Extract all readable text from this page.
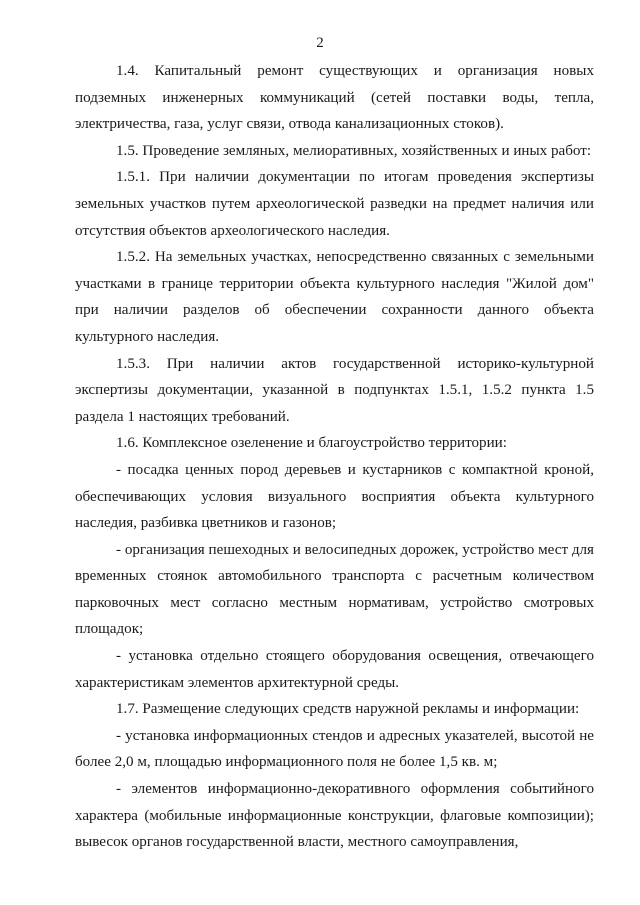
2

1.4. Капитальный ремонт существующих и организация новых подземных инженерных коммуникаций (сетей поставки воды, тепла, электричества, газа, услуг связи, отвода канализационных стоков).

1.5. Проведение земляных, мелиоративных, хозяйственных и иных работ:

1.5.1. При наличии документации по итогам проведения экспертизы земельных участков путем археологической разведки на предмет наличия или отсутствия объектов археологического наследия.

1.5.2. На земельных участках, непосредственно связанных с земельными участками в границе территории объекта культурного наследия "Жилой дом" при наличии разделов об обеспечении сохранности данного объекта культурного наследия.

1.5.3. При наличии актов государственной историко-культурной экспертизы документации, указанной в подпунктах 1.5.1, 1.5.2 пункта 1.5 раздела 1 настоящих требований.

1.6. Комплексное озеленение и благоустройство территории:

- посадка ценных пород деревьев и кустарников с компактной кроной, обеспечивающих условия визуального восприятия объекта культурного наследия, разбивка цветников и газонов;

- организация пешеходных и велосипедных дорожек, устройство мест для временных стоянок автомобильного транспорта с расчетным количеством парковочных мест согласно местным нормативам, устройство смотровых площадок;

- установка отдельно стоящего оборудования освещения, отвечающего характеристикам элементов архитектурной среды.

1.7. Размещение следующих средств наружной рекламы и информации:

- установка информационных стендов и адресных указателей, высотой не более 2,0 м, площадью информационного поля не более 1,5 кв. м;

- элементов информационно-декоративного оформления событийного характера (мобильные информационные конструкции, флаговые композиции); вывесок органов государственной власти, местного самоуправления,
